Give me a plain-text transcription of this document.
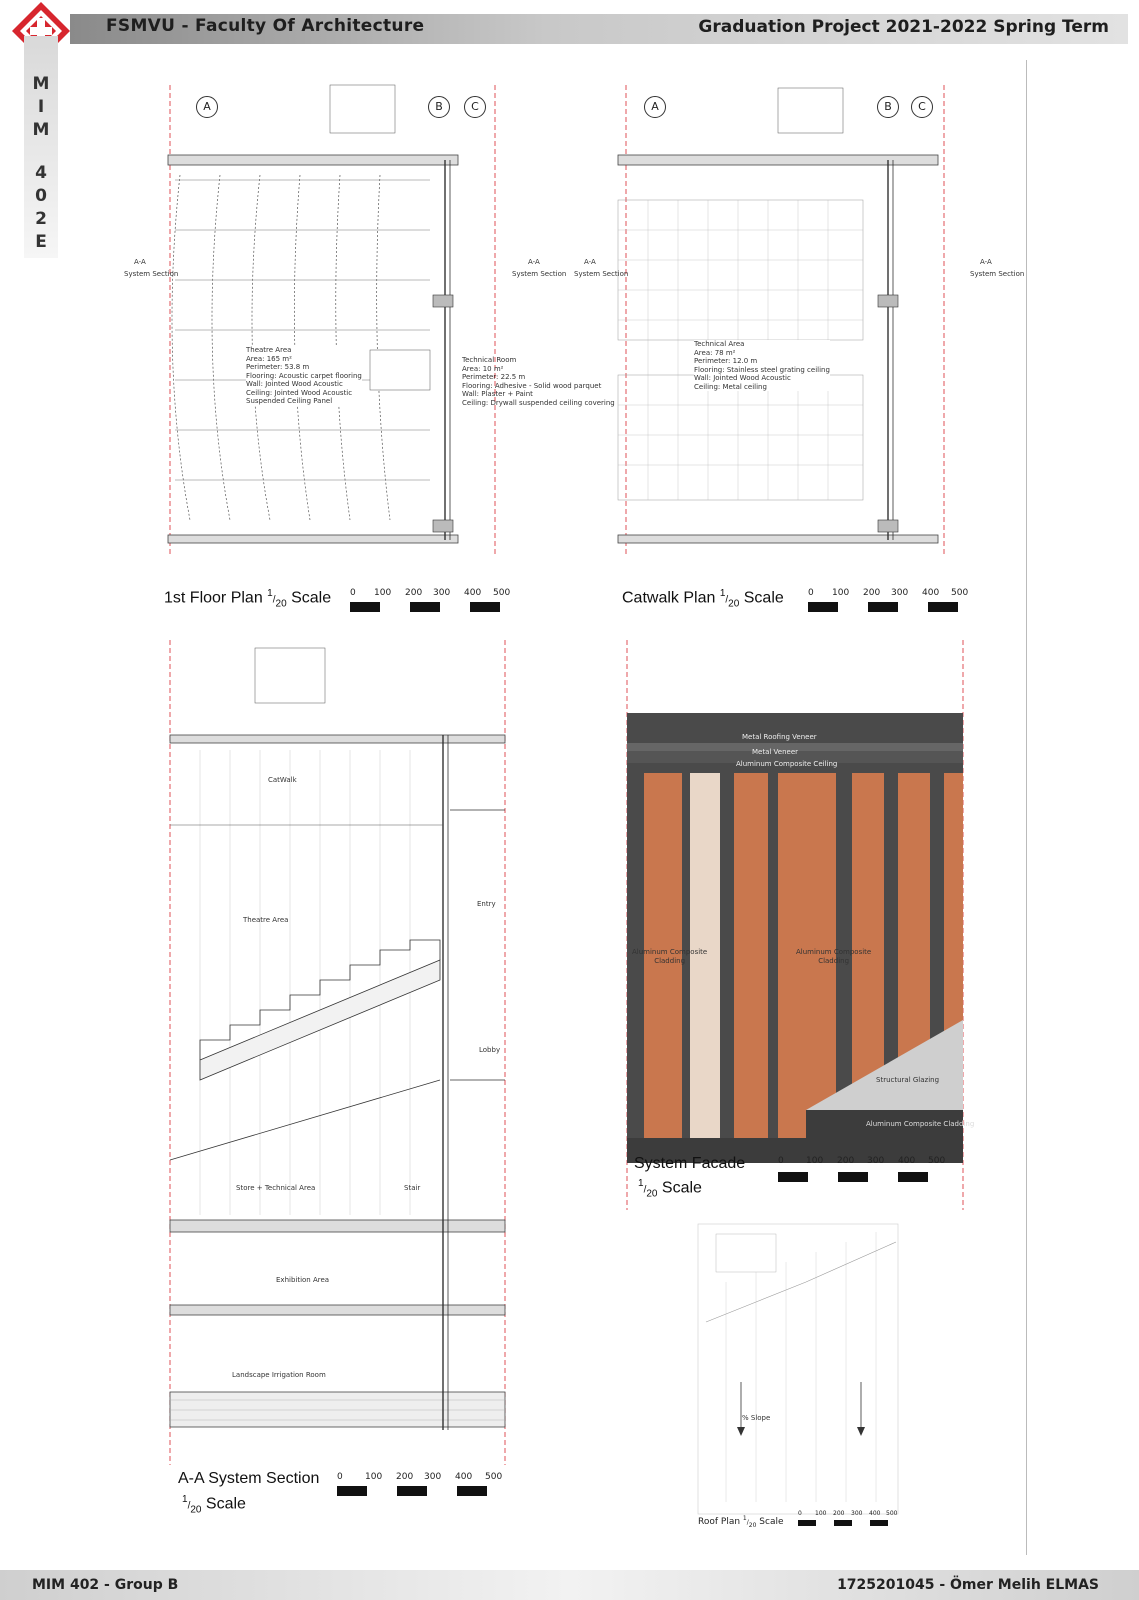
FSMVU - Faculty Of Architecture	Graduation Project 2021-2022 Spring Term
M
I
M
4
0
2
E
A	B	C
A-A
System Section
A-A
System Section
Theatre Area
Area: 165 m²
Perimeter: 53.8 m
Flooring: Acoustic carpet flooring
Wall: Jointed Wood Acoustic
Ceiling: Jointed Wood Acoustic
Suspended Ceiling Panel
Technical Room
Area: 10 m²
Perimeter: 22.5 m
Flooring: Adhesive - Solid wood parquet
Wall: Plaster + Paint
Ceiling: Drywall suspended ceiling covering
1st Floor Plan $^1/_{20}$ Scale 0 100 200 300 400 500
A	B	C
A-A
System Section
A-A
System Section
Technical Area
Area: 78 m²
Perimeter: 12.0 m
Flooring: Stainless steel grating ceiling
Wall: Jointed Wood Acoustic
Ceiling: Metal ceiling
Catwalk Plan $^1/_{20}$ Scale	0 100 200 300 400 500
CatWalk
Theatre Area
Entry
Lobby
Store + Technical Area	Stair
Exhibition Area
Landscape Irrigation Room
A-A System Section
$^1/_{20}$ Scale
0 100 200 300 400 500
Metal Roofing Veneer
Metal Veneer
Aluminum Composite Ceiling
Aluminum Composite
Cladding
Aluminum Composite
Cladding
Structural Glazing
Aluminum Composite Cladding
System Facade
$^1/_{20}$ Scale
0 100 200 300 400 500
% Slope
Roof Plan $^1/_{20}$ Scale
0 100 200 300 400 500
MIM 402 - Group B	1725201045 - Ömer Melih ELMAS
